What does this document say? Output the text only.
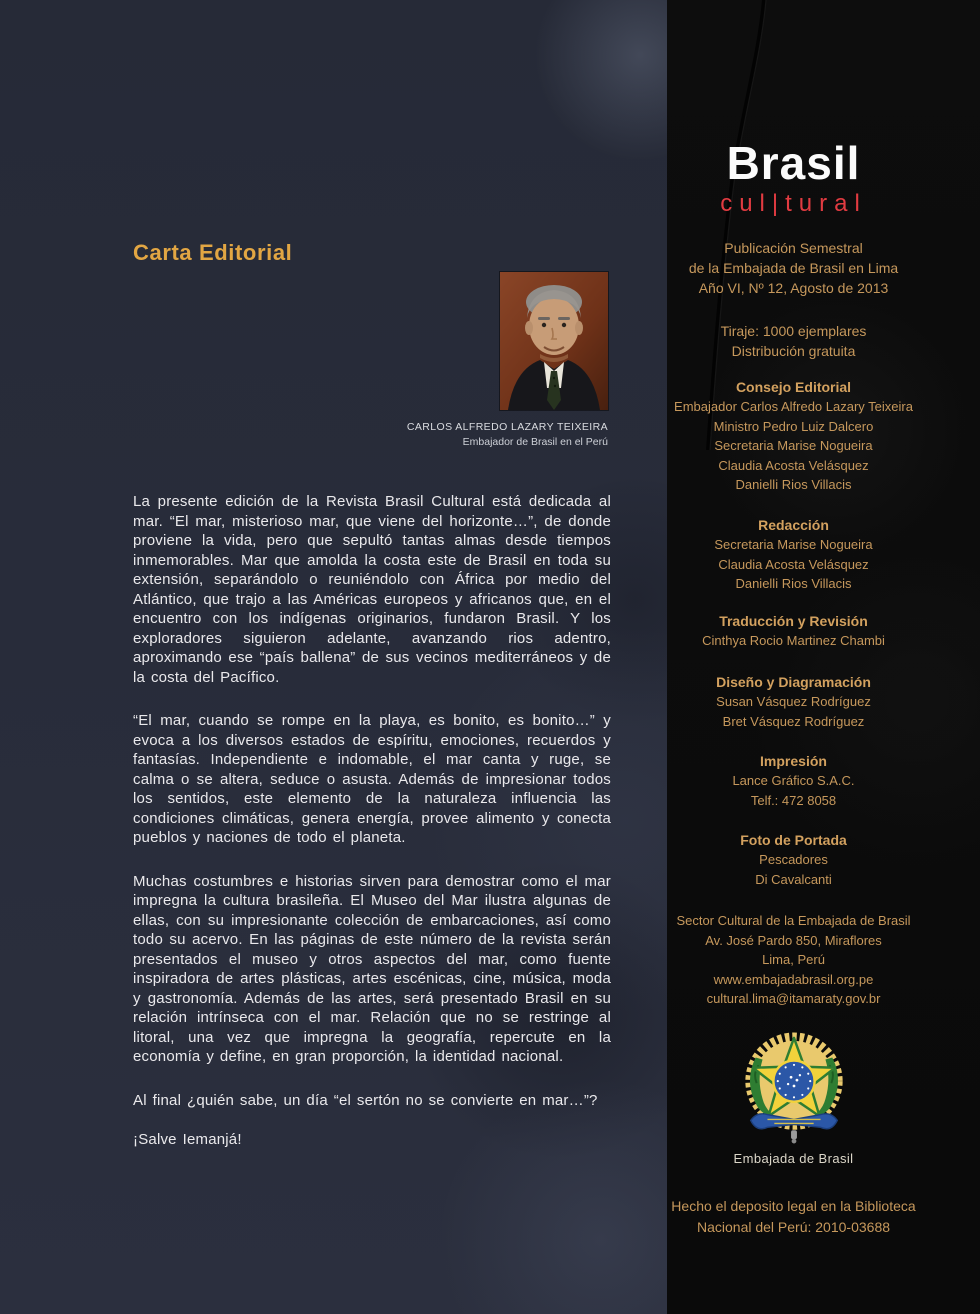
Carta Editorial
CARLOS ALFREDO LAZARY TEIXEIRA
Embajador de Brasil en el Perú

La presente edición de la Revista Brasil Cultural está dedicada al mar. “El mar, misterioso mar, que viene del horizonte…”, de donde proviene la vida, pero que sepultó tantas almas desde tiempos inmemorables. Mar que amolda la costa este de Brasil en toda su extensión, separándolo o reuniéndolo con África por medio del Atlántico, que trajo a las Américas europeos y africanos que, en el encuentro con los indígenas originarios, fundaron Brasil. Y los exploradores siguieron adelante, avanzando rios adentro, aproximando ese “país ballena” de sus vecinos mediterráneos y de la costa del Pacífico.

“El mar, cuando se rompe en la playa, es bonito, es bonito…” y evoca a los diversos estados de espíritu, emociones, recuerdos y fantasías. Independiente e indomable, el mar canta y ruge, se calma o se altera, seduce o asusta. Además de impresionar todos los sentidos, este elemento de la naturaleza influencia las condiciones climáticas, genera energía, provee alimento y conecta pueblos y naciones de todo el planeta.

Muchas costumbres e historias sirven para demostrar como el mar impregna la cultura brasileña. El Museo del Mar ilustra algunas de ellas, con su impresionante colección de embarcaciones, así como todo su acervo. En las páginas de este número de la revista serán presentados el museo y otros aspectos del mar, como fuente inspiradora de artes plásticas, artes escénicas, cine, música, moda y gastronomía. Además de las artes, será presentado Brasil en su relación intrínseca con el mar. Relación que no se restringe al litoral, una vez que impregna la geografía, repercute en la economía y define, en gran proporción, la identidad nacional.

Al final ¿quién sabe, un día “el sertón no se convierte en mar…”?

¡Salve Iemanjá!

Brasil
cul|tural
Publicación Semestral
de la Embajada de Brasil en Lima
Año VI, Nº 12, Agosto de 2013
Tiraje: 1000 ejemplares
Distribución gratuita
Consejo Editorial
Embajador Carlos Alfredo Lazary Teixeira
Ministro Pedro Luiz Dalcero
Secretaria Marise Nogueira
Claudia Acosta Velásquez
Danielli Rios Villacis
Redacción
Secretaria Marise Nogueira
Claudia Acosta Velásquez
Danielli Rios Villacis
Traducción y Revisión
Cinthya Rocio Martinez Chambi
Diseño y Diagramación
Susan Vásquez Rodríguez
Bret Vásquez Rodríguez
Impresión
Lance Gráfico S.A.C.
Telf.: 472 8058
Foto de Portada
Pescadores
Di Cavalcanti
Sector Cultural de la Embajada de Brasil
Av. José Pardo 850, Miraflores
Lima, Perú
www.embajadabrasil.org.pe
cultural.lima@itamaraty.gov.br
Embajada de Brasil
Hecho el deposito legal en la Biblioteca
Nacional del Perú: 2010-03688
